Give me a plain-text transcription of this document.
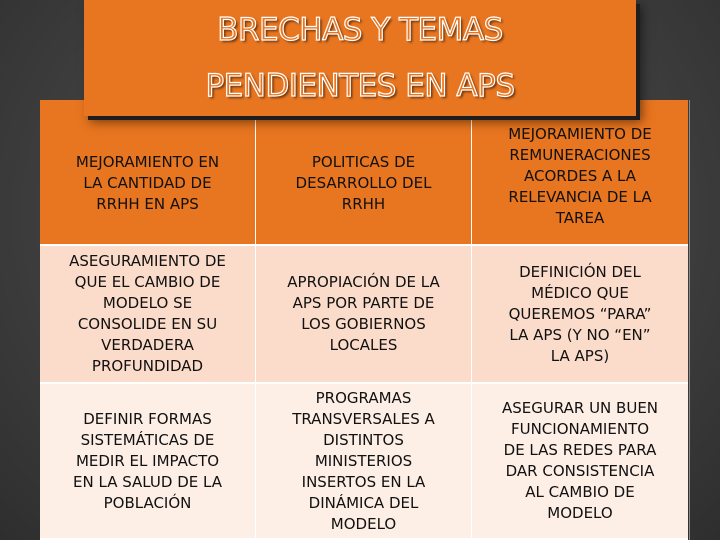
BRECHAS Y TEMAS
PENDIENTES EN APS
MEJORAMIENTO EN
LA CANTIDAD DE
RRHH EN APS
POLITICAS DE
DESARROLLO DEL
RRHH
MEJORAMIENTO DE
REMUNERACIONES
ACORDES A LA
RELEVANCIA DE LA
TAREA
ASEGURAMIENTO DE
QUE EL CAMBIO DE
MODELO SE
CONSOLIDE EN SU
VERDADERA
PROFUNDIDAD
APROPIACIÓN DE LA
APS POR PARTE DE
LOS GOBIERNOS
LOCALES
DEFINICIÓN DEL
MÉDICO QUE
QUEREMOS “PARA”
LA APS (Y NO “EN”
LA APS)
DEFINIR FORMAS
SISTEMÁTICAS DE
MEDIR EL IMPACTO
EN LA SALUD DE LA
POBLACIÓN
PROGRAMAS
TRANSVERSALES A
DISTINTOS
MINISTERIOS
INSERTOS EN LA
DINÁMICA DEL
MODELO
ASEGURAR UN BUEN
FUNCIONAMIENTO
DE LAS REDES PARA
DAR CONSISTENCIA
AL CAMBIO DE
MODELO
